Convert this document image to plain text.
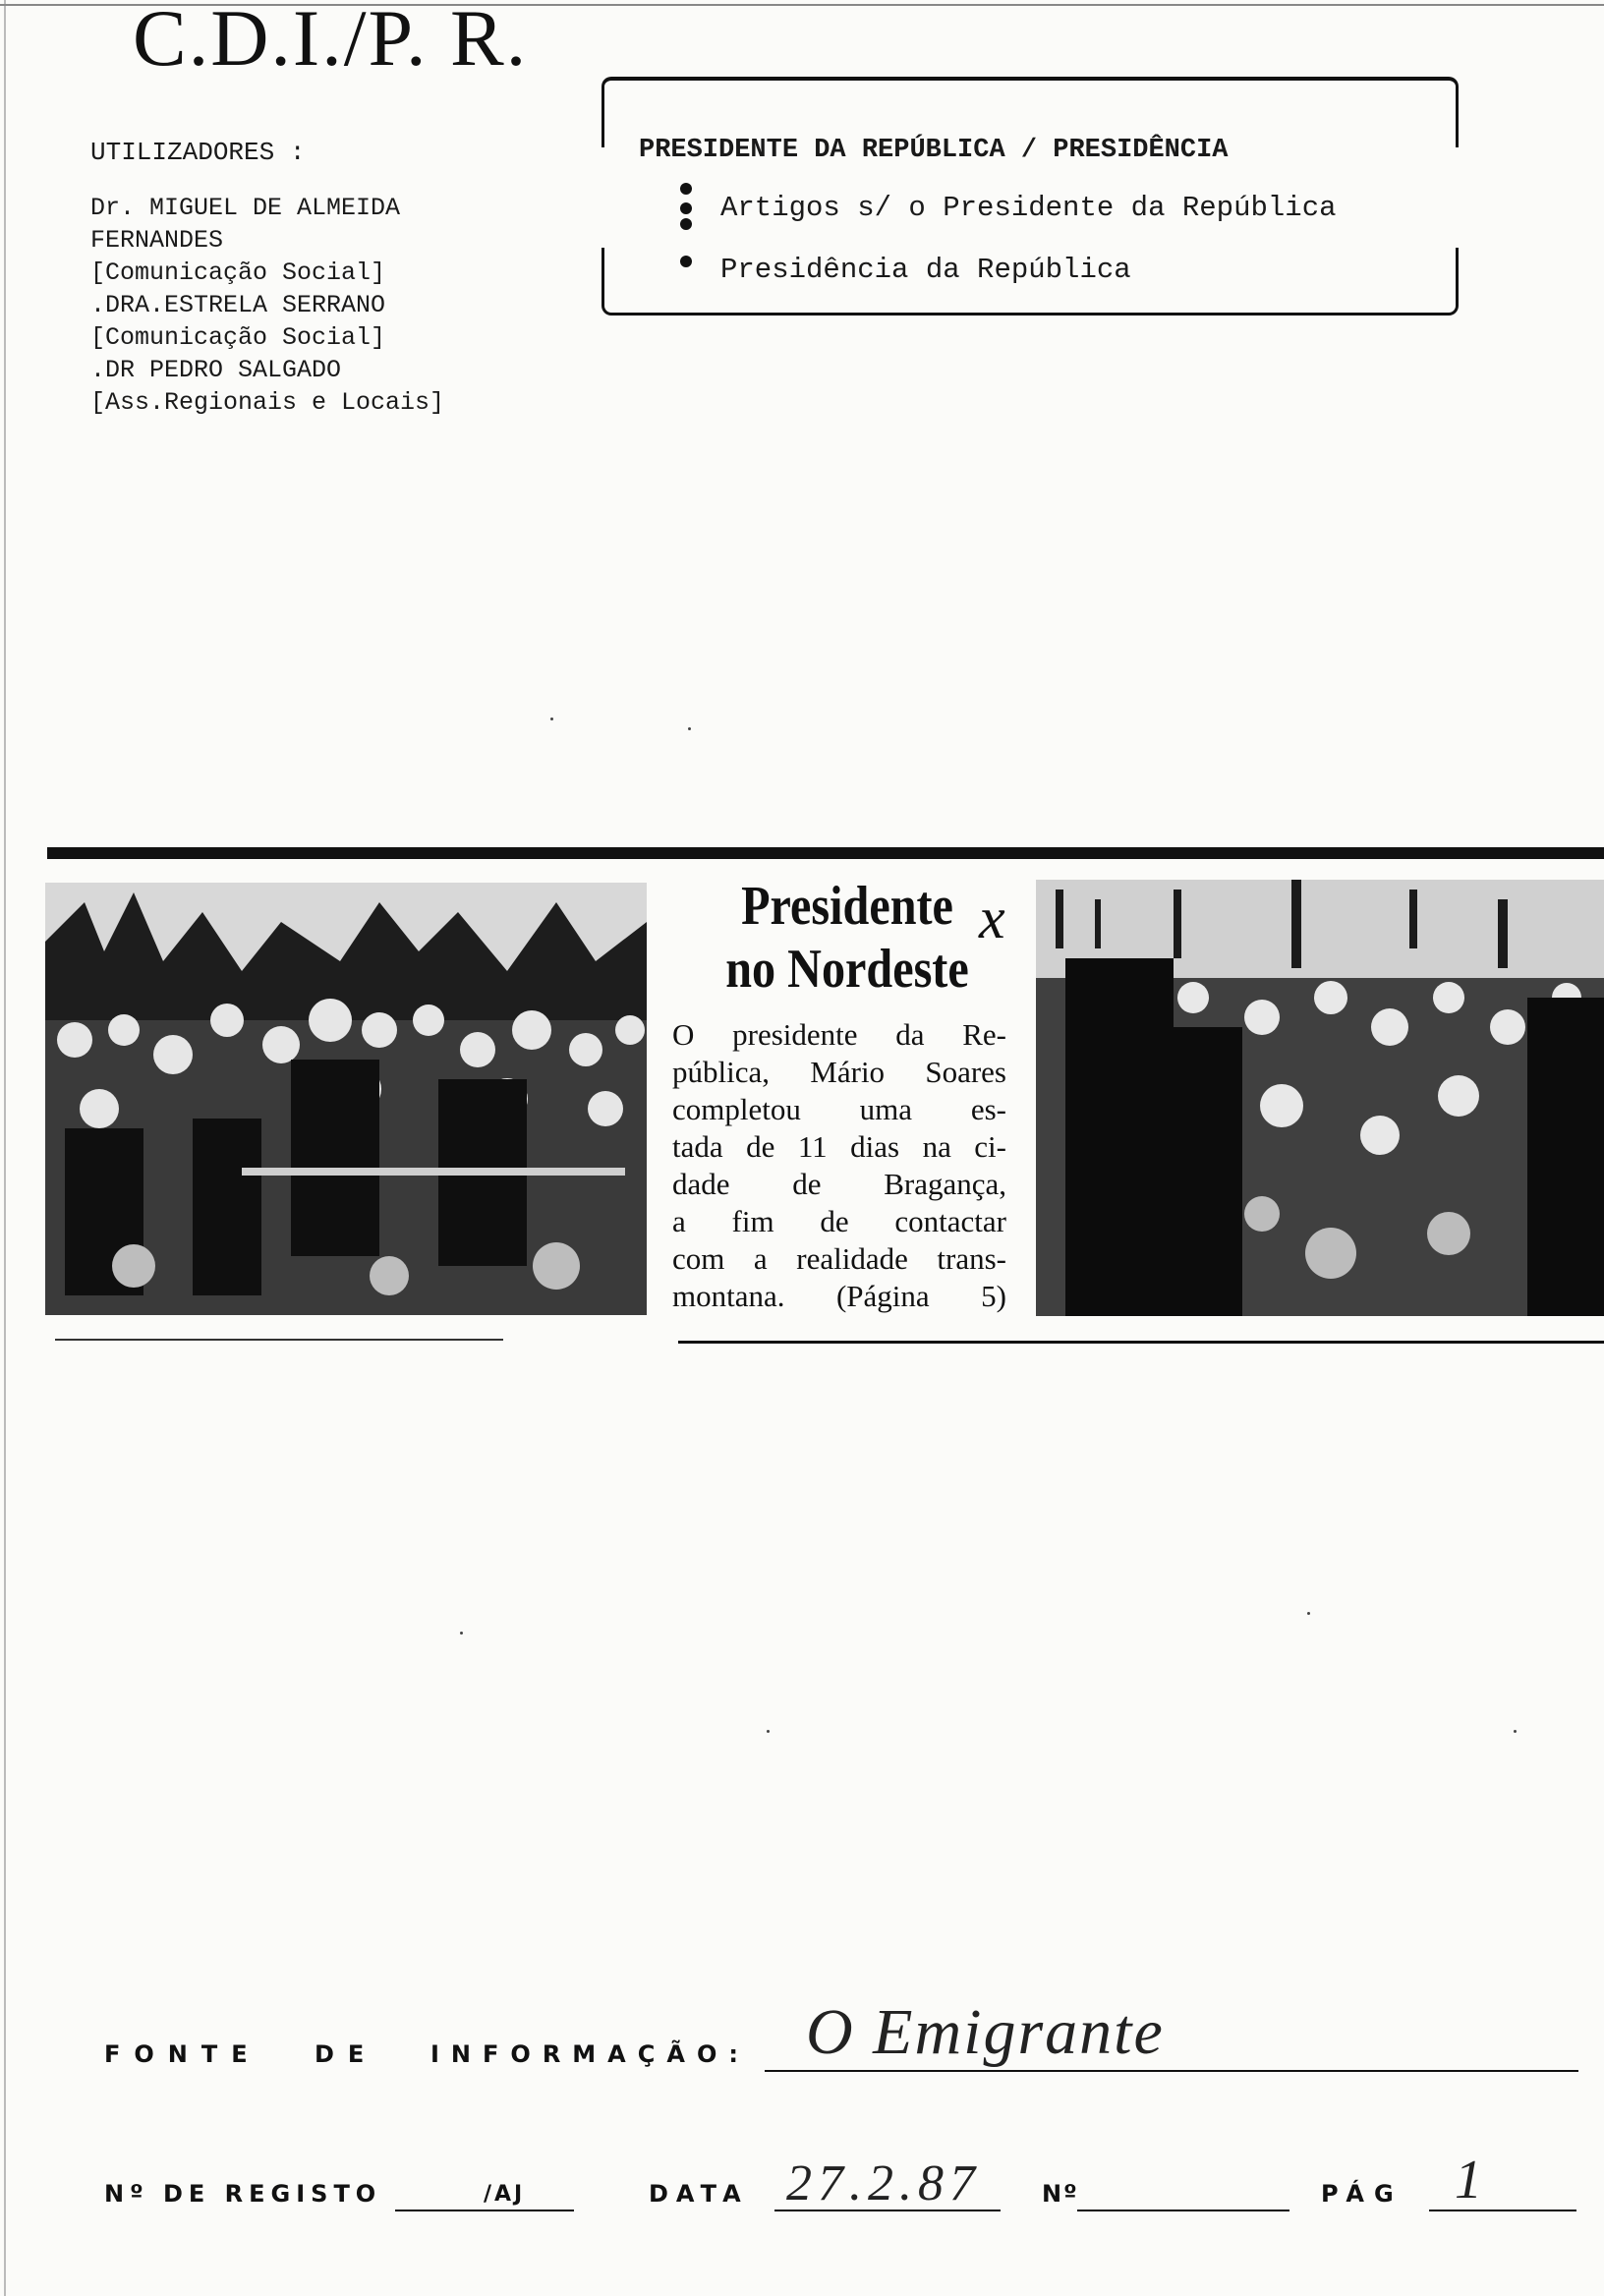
C.D.I./P. R.
UTILIZADORES :
Dr. MIGUEL DE ALMEIDA
FERNANDES
[Comunicação Social]
.DRA.ESTRELA SERRANO
[Comunicação Social]
.DR PEDRO SALGADO
[Ass.Regionais e Locais]
PRESIDENTE DA REPÚBLICA / PRESIDÊNCIA
Artigos s/ o Presidente da República
Presidência da República
Presidente
no Nordeste
x
O presidente da Re-
pública, Mário Soares
completou uma es-
tada de 11 dias na ci-
dade de Bragança,
a fim de contactar
com a realidade trans-
montana. (Página 5)
FONTE DE INFORMAÇÃO: O Emigrante
Nº DE REGISTO	/AJ	DATA 27.2.87	Nº	PÁG 1
